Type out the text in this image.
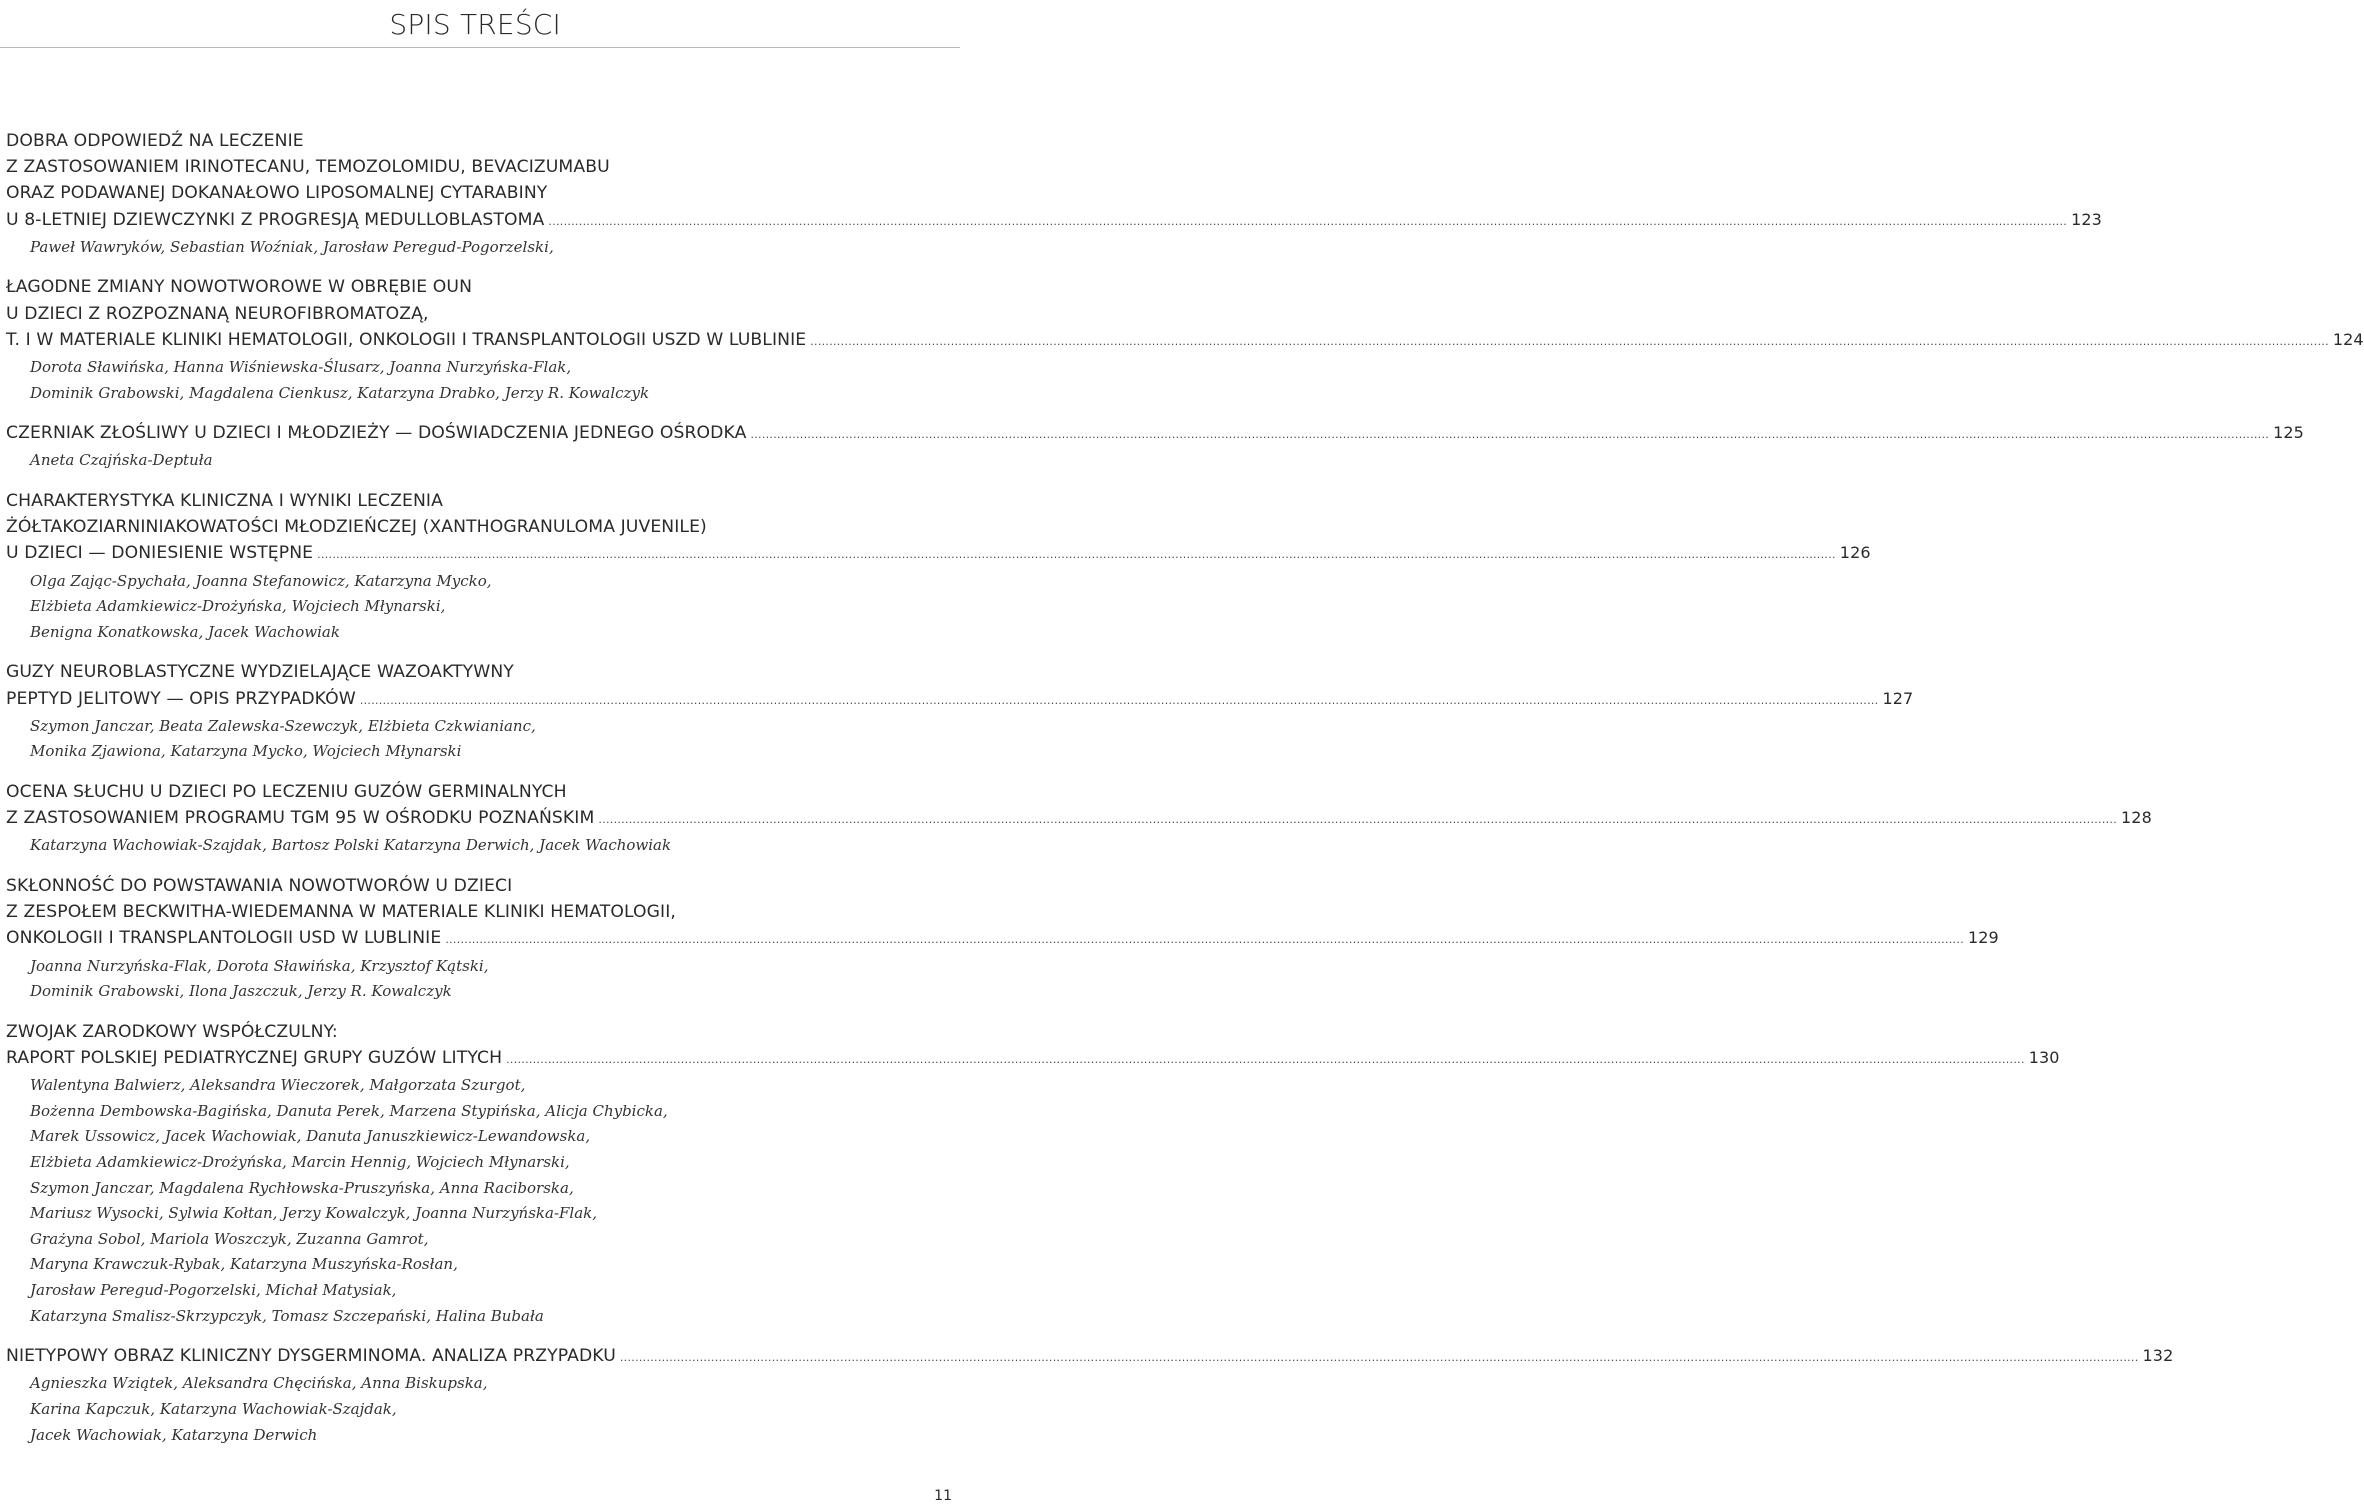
SPIS TREŚCI
DOBRA ODPOWIEDŹ NA LECZENIE
Z ZASTOSOWANIEM IRINOTECANU, TEMOZOLOMIDU, BEVACIZUMABU
ORAZ PODAWANEJ DOKANAŁOWO LIPOSOMALNEJ CYTARABINY
U 8-LETNIEJ DZIEWCZYNKI Z PROGRESJĄ MEDULLOBLASTOMA ................................................................................................................................................................................................................................................................................................................................................................................................................ 123
Paweł Wawryków, Sebastian Woźniak, Jarosław Peregud-Pogorzelski,
ŁAGODNE ZMIANY NOWOTWOROWE W OBRĘBIE OUN
U DZIECI Z ROZPOZNANĄ NEUROFIBROMATOZĄ,
T. I W MATERIALE KLINIKI HEMATOLOGII, ONKOLOGII I TRANSPLANTOLOGII USZD W LUBLINIE ................................................................................................................................................................................................................................................................................................................................................................................................................ 124
Dorota Sławińska, Hanna Wiśniewska-Ślusarz, Joanna Nurzyńska-Flak,
Dominik Grabowski, Magdalena Cienkusz, Katarzyna Drabko, Jerzy R. Kowalczyk
CZERNIAK ZŁOŚLIWY U DZIECI I MŁODZIEŻY — DOŚWIADCZENIA JEDNEGO OŚRODKA ................................................................................................................................................................................................................................................................................................................................................................................................................ 125
Aneta Czajńska-Deptuła
CHARAKTERYSTYKA KLINICZNA I WYNIKI LECZENIA
ŻÓŁTAKOZIARNINIAKOWATOŚCI MŁODZIEŃCZEJ (XANTHOGRANULOMA JUVENILE)
U DZIECI — DONIESIENIE WSTĘPNE ................................................................................................................................................................................................................................................................................................................................................................................................................ 126
Olga Zając-Spychała, Joanna Stefanowicz, Katarzyna Mycko,
Elżbieta Adamkiewicz-Drożyńska, Wojciech Młynarski,
Benigna Konatkowska, Jacek Wachowiak
GUZY NEUROBLASTYCZNE WYDZIELAJĄCE WAZOAKTYWNY
PEPTYD JELITOWY — OPIS PRZYPADKÓW ................................................................................................................................................................................................................................................................................................................................................................................................................ 127
Szymon Janczar, Beata Zalewska-Szewczyk, Elżbieta Czkwianianc,
Monika Zjawiona, Katarzyna Mycko, Wojciech Młynarski
OCENA SŁUCHU U DZIECI PO LECZENIU GUZÓW GERMINALNYCH
Z ZASTOSOWANIEM PROGRAMU TGM 95 W OŚRODKU POZNAŃSKIM ................................................................................................................................................................................................................................................................................................................................................................................................................ 128
Katarzyna Wachowiak-Szajdak, Bartosz Polski Katarzyna Derwich, Jacek Wachowiak
SKŁONNOŚĆ DO POWSTAWANIA NOWOTWORÓW U DZIECI
Z ZESPOŁEM BECKWITHA-WIEDEMANNA W MATERIALE KLINIKI HEMATOLOGII,
ONKOLOGII I TRANSPLANTOLOGII USD W LUBLINIE ................................................................................................................................................................................................................................................................................................................................................................................................................ 129
Joanna Nurzyńska-Flak, Dorota Sławińska, Krzysztof Kątski,
Dominik Grabowski, Ilona Jaszczuk, Jerzy R. Kowalczyk
ZWOJAK ZARODKOWY WSPÓŁCZULNY:
RAPORT POLSKIEJ PEDIATRYCZNEJ GRUPY GUZÓW LITYCH ................................................................................................................................................................................................................................................................................................................................................................................................................ 130
Walentyna Balwierz, Aleksandra Wieczorek, Małgorzata Szurgot,
Bożenna Dembowska-Bagińska, Danuta Perek, Marzena Stypińska, Alicja Chybicka,
Marek Ussowicz, Jacek Wachowiak, Danuta Januszkiewicz-Lewandowska,
Elżbieta Adamkiewicz-Drożyńska, Marcin Hennig, Wojciech Młynarski,
Szymon Janczar, Magdalena Rychłowska-Pruszyńska, Anna Raciborska,
Mariusz Wysocki, Sylwia Kołtan, Jerzy Kowalczyk, Joanna Nurzyńska-Flak,
Grażyna Sobol, Mariola Woszczyk, Zuzanna Gamrot,
Maryna Krawczuk-Rybak, Katarzyna Muszyńska-Rosłan,
Jarosław Peregud-Pogorzelski, Michał Matysiak,
Katarzyna Smalisz-Skrzypczyk, Tomasz Szczepański, Halina Bubała
NIETYPOWY OBRAZ KLINICZNY DYSGERMINOMA. ANALIZA PRZYPADKU ................................................................................................................................................................................................................................................................................................................................................................................................................ 132
Agnieszka Wziątek, Aleksandra Chęcińska, Anna Biskupska,
Karina Kapczuk, Katarzyna Wachowiak-Szajdak,
Jacek Wachowiak, Katarzyna Derwich
11
